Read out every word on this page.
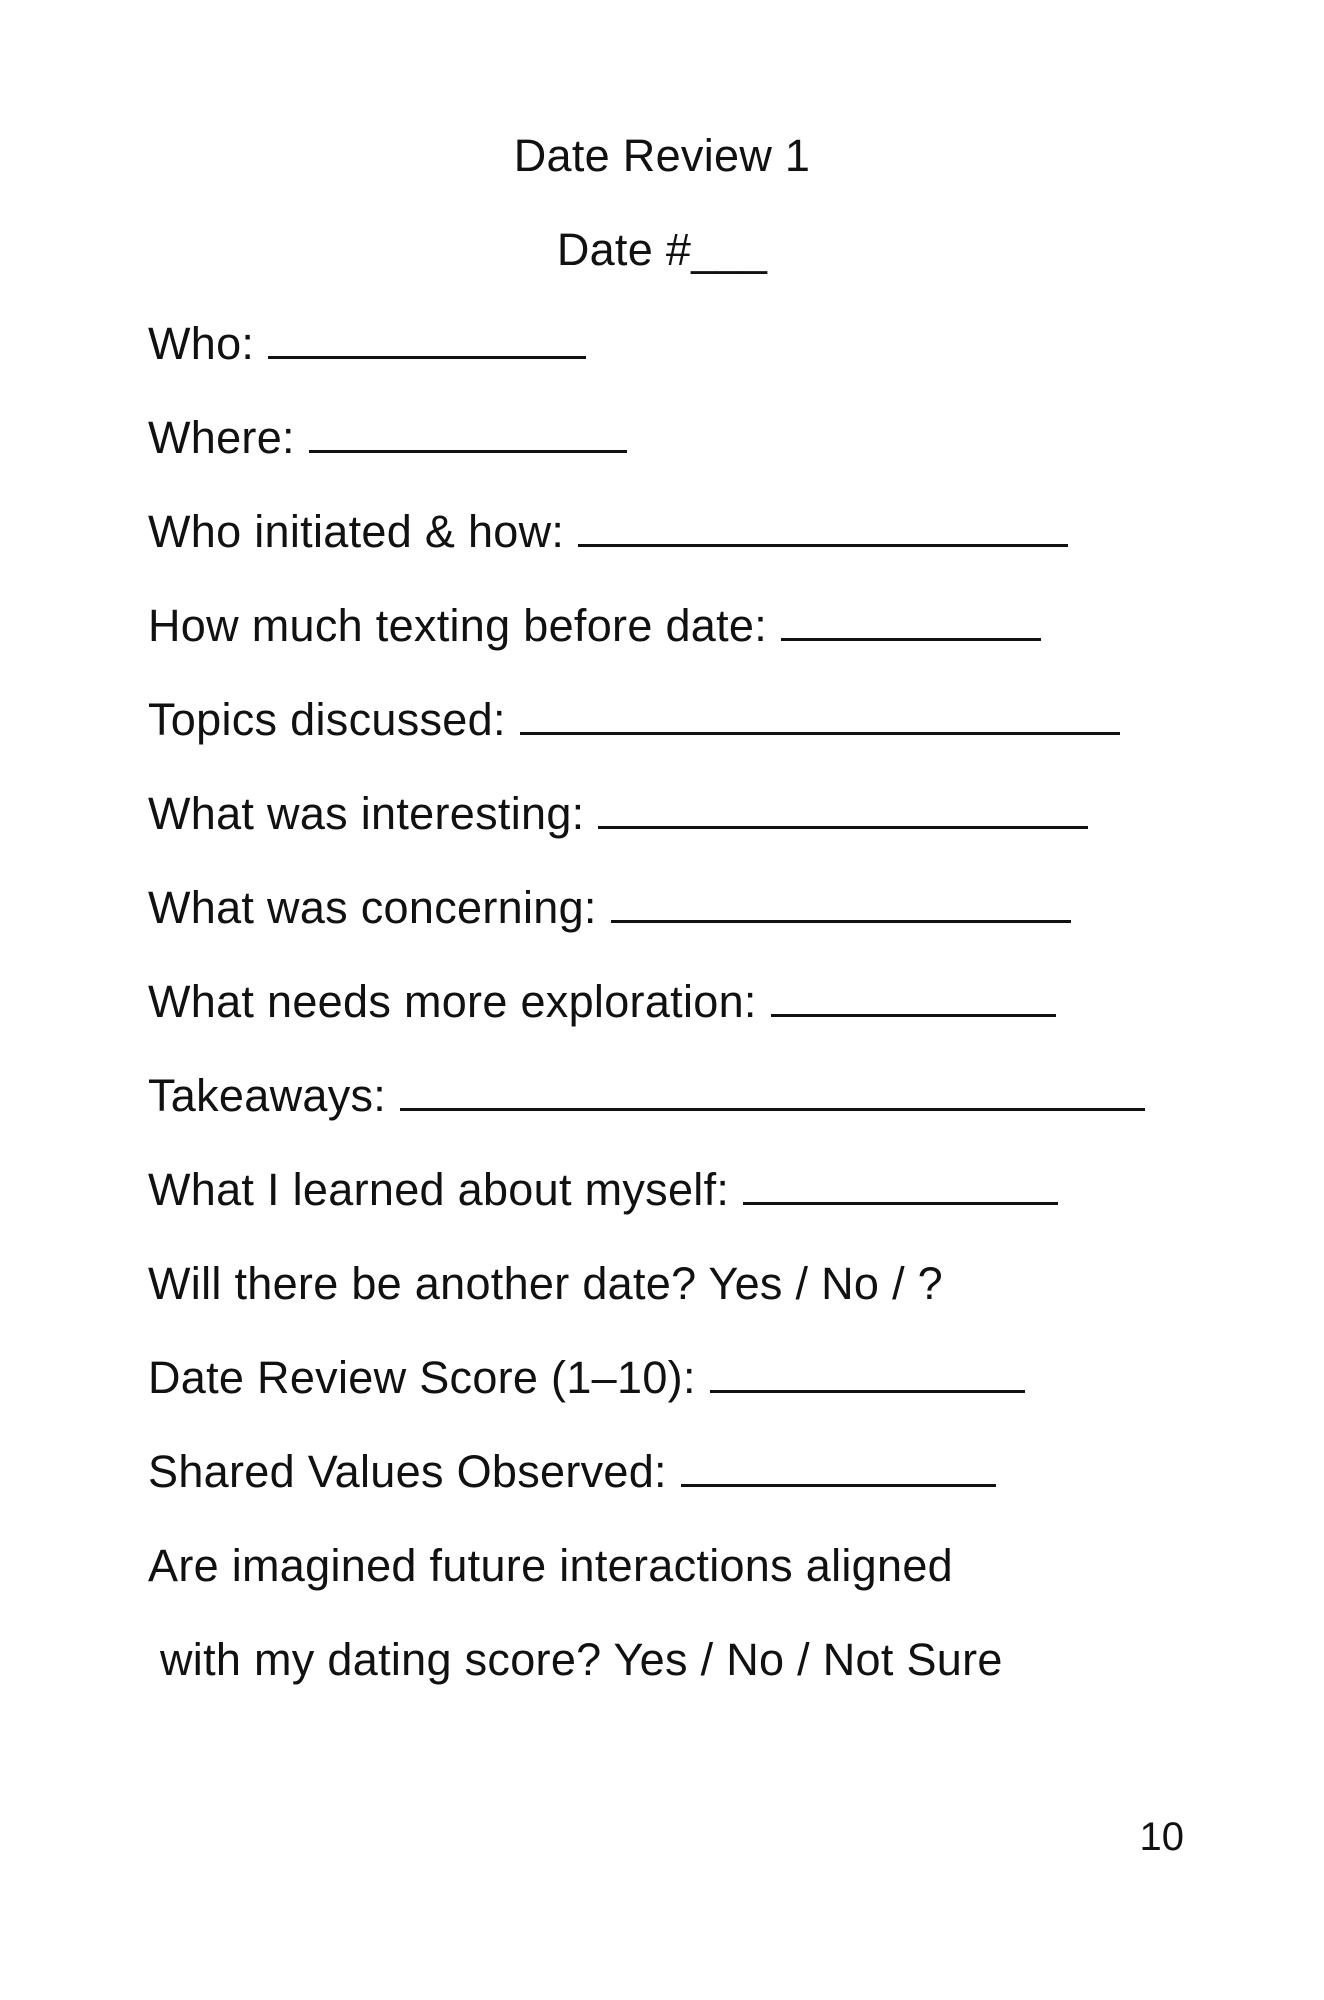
Date Review 1
Date #___
Who:
Where:
Who initiated & how:
How much texting before date:
Topics discussed:
What was interesting:
What was concerning:
What needs more exploration:
Takeaways:
What I learned about myself:
Will there be another date? Yes / No / ?
Date Review Score (1–10):
Shared Values Observed:
Are imagined future interactions aligned
with my dating score? Yes / No / Not Sure
10
